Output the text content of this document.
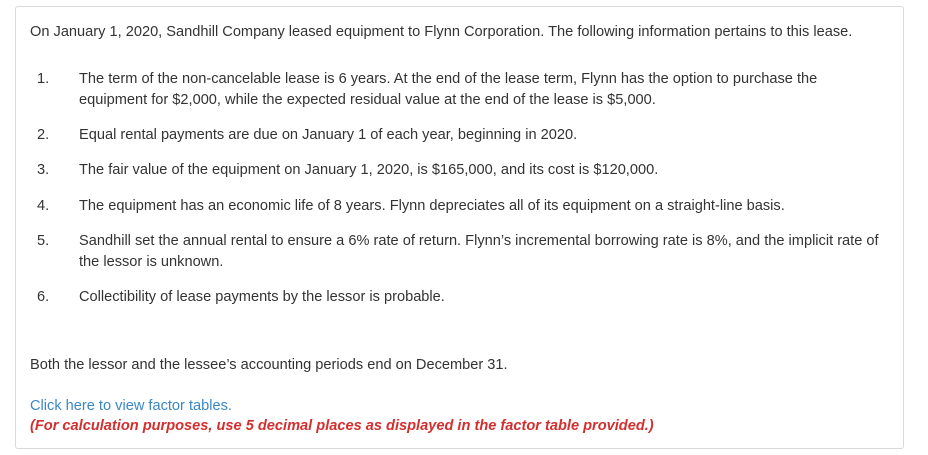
On January 1, 2020, Sandhill Company leased equipment to Flynn Corporation. The following information pertains to this lease.

1.	The term of the non-cancelable lease is 6 years. At the end of the lease term, Flynn has the option to purchase the equipment for $2,000, while the expected residual value at the end of the lease is $5,000.
2.	Equal rental payments are due on January 1 of each year, beginning in 2020.
3.	The fair value of the equipment on January 1, 2020, is $165,000, and its cost is $120,000.
4.	The equipment has an economic life of 8 years. Flynn depreciates all of its equipment on a straight-line basis.
5.	Sandhill set the annual rental to ensure a 6% rate of return. Flynn’s incremental borrowing rate is 8%, and the implicit rate of the lessor is unknown.
6.	Collectibility of lease payments by the lessor is probable.

Both the lessor and the lessee’s accounting periods end on December 31.

Click here to view factor tables.

(For calculation purposes, use 5 decimal places as displayed in the factor table provided.)
